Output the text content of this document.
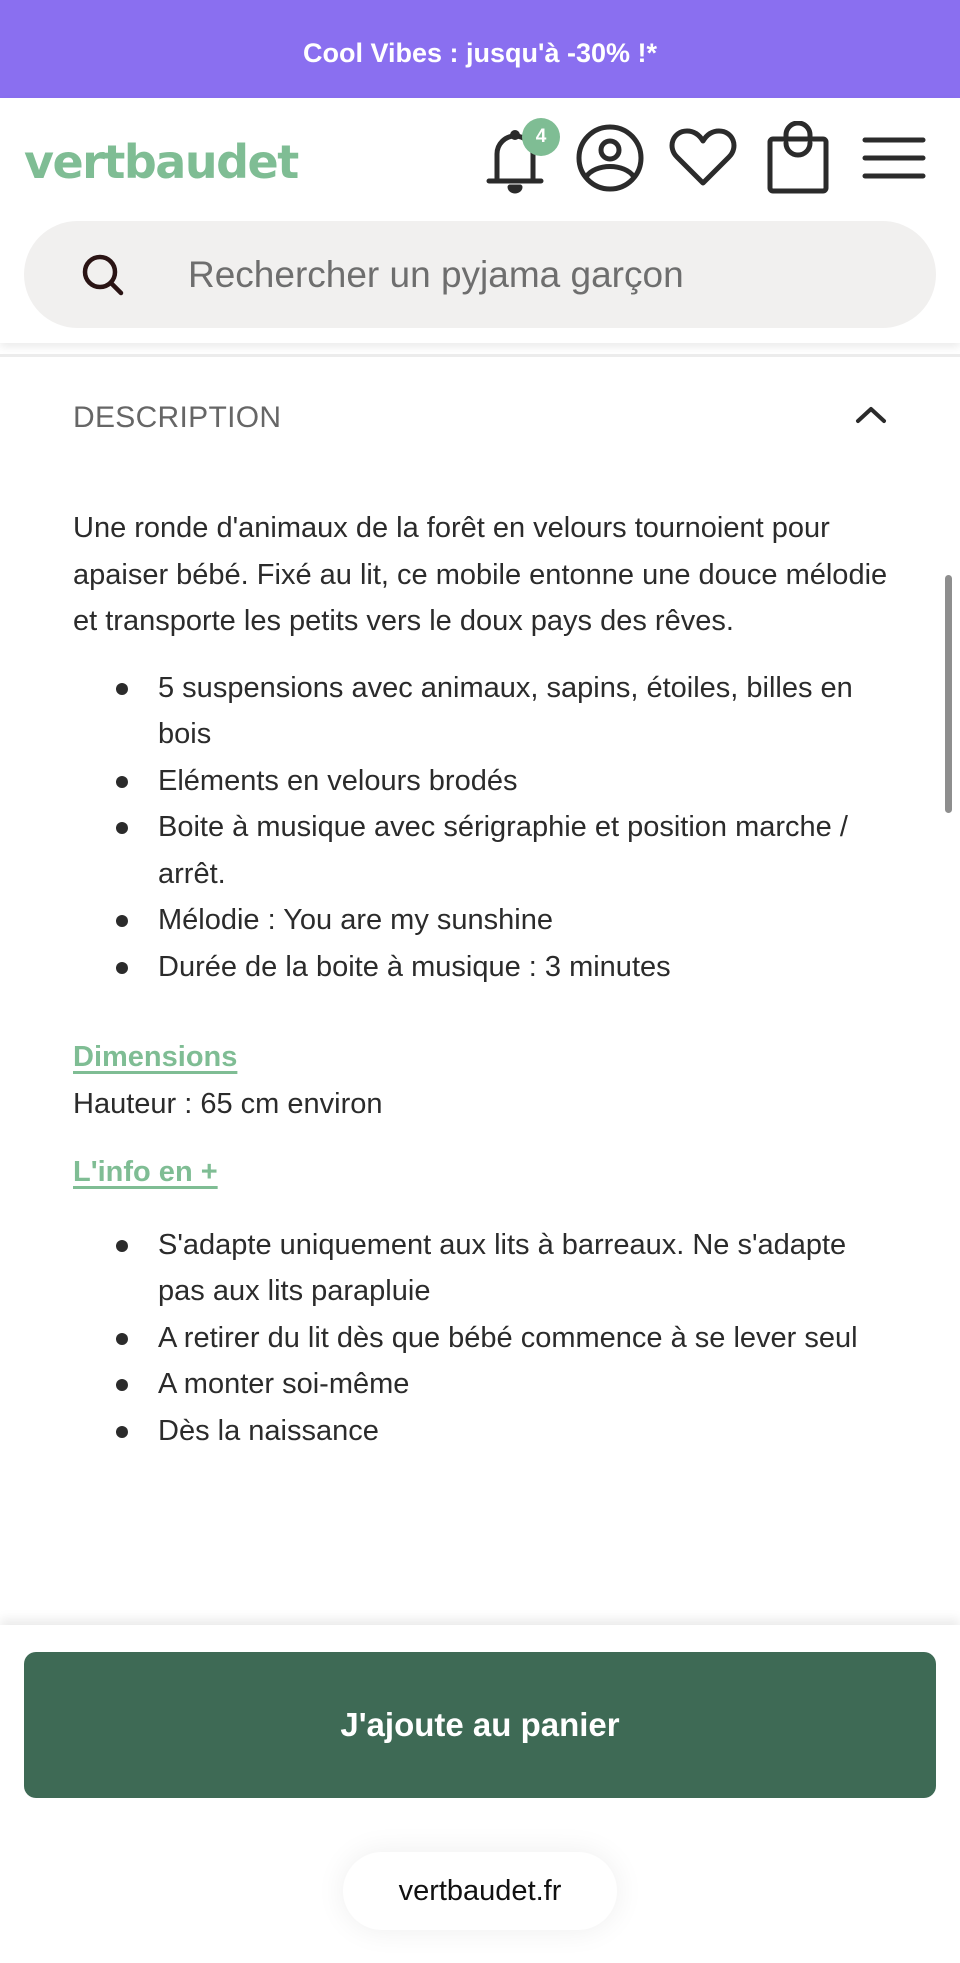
Cool Vibes : jusqu'à -30% !*
vertbaudet	4
Rechercher un pyjama garçon
DESCRIPTION

Une ronde d'animaux de la forêt en velours tournoient pour apaiser bébé. Fixé au lit, ce mobile entonne une douce mélodie et transporte les petits vers le doux pays des rêves.

5 suspensions avec animaux, sapins, étoiles, billes en bois
Eléments en velours brodés
Boite à musique avec sérigraphie et position marche / arrêt.
Mélodie : You are my sunshine
Durée de la boite à musique : 3 minutes
Dimensions

Hauteur : 65 cm environ

L'info en +
S'adapte uniquement aux lits à barreaux. Ne s'adapte pas aux lits parapluie
A retirer du lit dès que bébé commence à se lever seul
A monter soi-même
Dès la naissance
J'ajoute au panier
vertbaudet.fr
